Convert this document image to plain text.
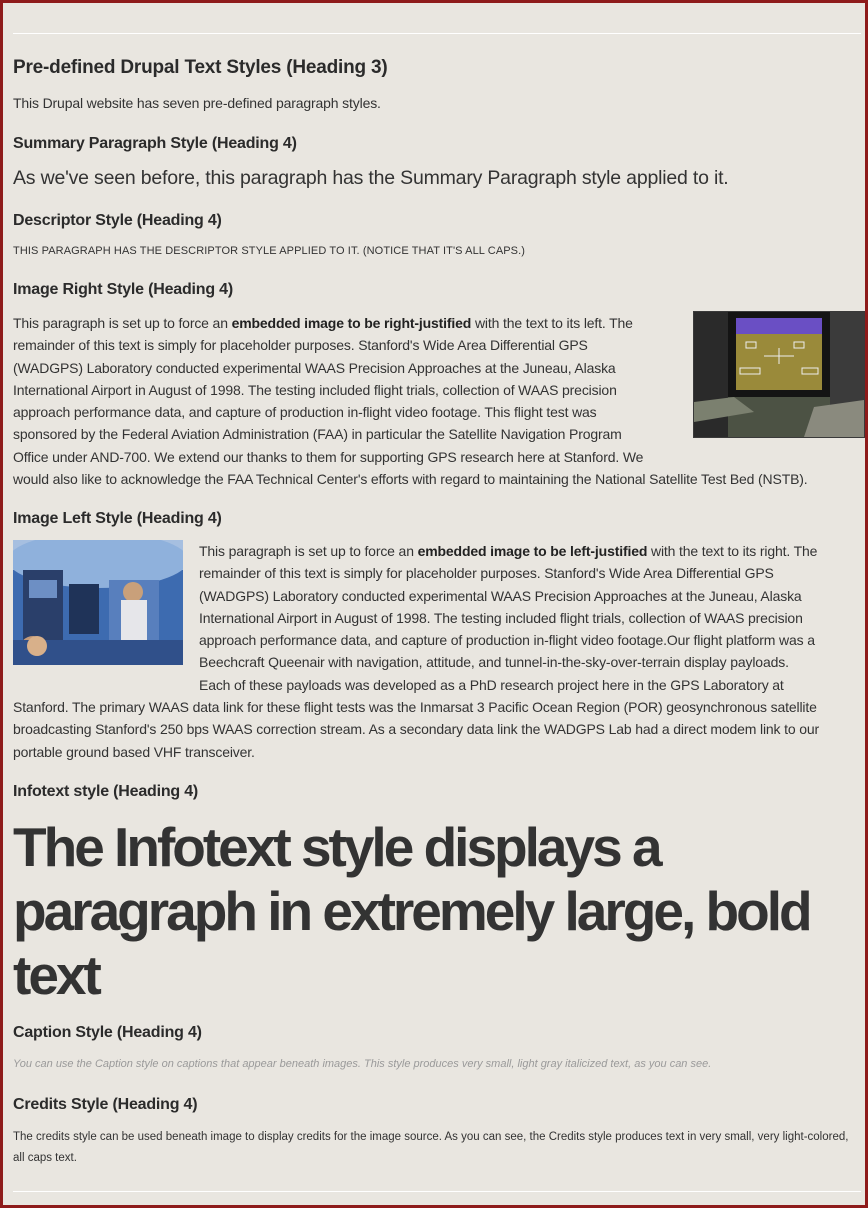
Pre-defined Drupal Text Styles (Heading 3)

This Drupal website has seven pre-defined paragraph styles.

Summary Paragraph Style (Heading 4)

As we've seen before, this paragraph has the Summary Paragraph style applied to it.

Descriptor Style (Heading 4)

THIS PARAGRAPH HAS THE DESCRIPTOR STYLE APPLIED TO IT. (NOTICE THAT IT'S ALL CAPS.)

Image Right Style (Heading 4)

This paragraph is set up to force an embedded image to be right-justified with the text to its left. The
remainder of this text is simply for placeholder purposes. Stanford's Wide Area Differential GPS
(WADGPS) Laboratory conducted experimental WAAS Precision Approaches at the Juneau, Alaska
International Airport in August of 1998. The testing included flight trials, collection of WAAS precision
approach performance data, and capture of production in-flight video footage. This flight test was
sponsored by the Federal Aviation Administration (FAA) in particular the Satellite Navigation Program
Office under AND-700. We extend our thanks to them for supporting GPS research here at Stanford. We
would also like to acknowledge the FAA Technical Center's efforts with regard to maintaining the National Satellite Test Bed (NSTB).

Image Left Style (Heading 4)

This paragraph is set up to force an embedded image to be left-justified with the text to its right. The
remainder of this text is simply for placeholder purposes. Stanford's Wide Area Differential GPS
(WADGPS) Laboratory conducted experimental WAAS Precision Approaches at the Juneau, Alaska
International Airport in August of 1998. The testing included flight trials, collection of WAAS precision
approach performance data, and capture of production in-flight video footage.Our flight platform was a
Beechcraft Queenair with navigation, attitude, and tunnel-in-the-sky-over-terrain display payloads.
Each of these payloads was developed as a PhD research project here in the GPS Laboratory at
Stanford. The primary WAAS data link for these flight tests was the Inmarsat 3 Pacific Ocean Region (POR) geosynchronous satellite
broadcasting Stanford's 250 bps WAAS correction stream. As a secondary data link the WADGPS Lab had a direct modem link to our
portable ground based VHF transceiver.

Infotext style (Heading 4)

The Infotext style displays a paragraph in extremely large, bold text

Caption Style (Heading 4)

You can use the Caption style on captions that appear beneath images. This style produces very small, light gray italicized text, as you can see.

Credits Style (Heading 4)

The credits style can be used beneath image to display credits for the image source. As you can see, the Credits style produces text in very small, very light-colored, all caps text.
